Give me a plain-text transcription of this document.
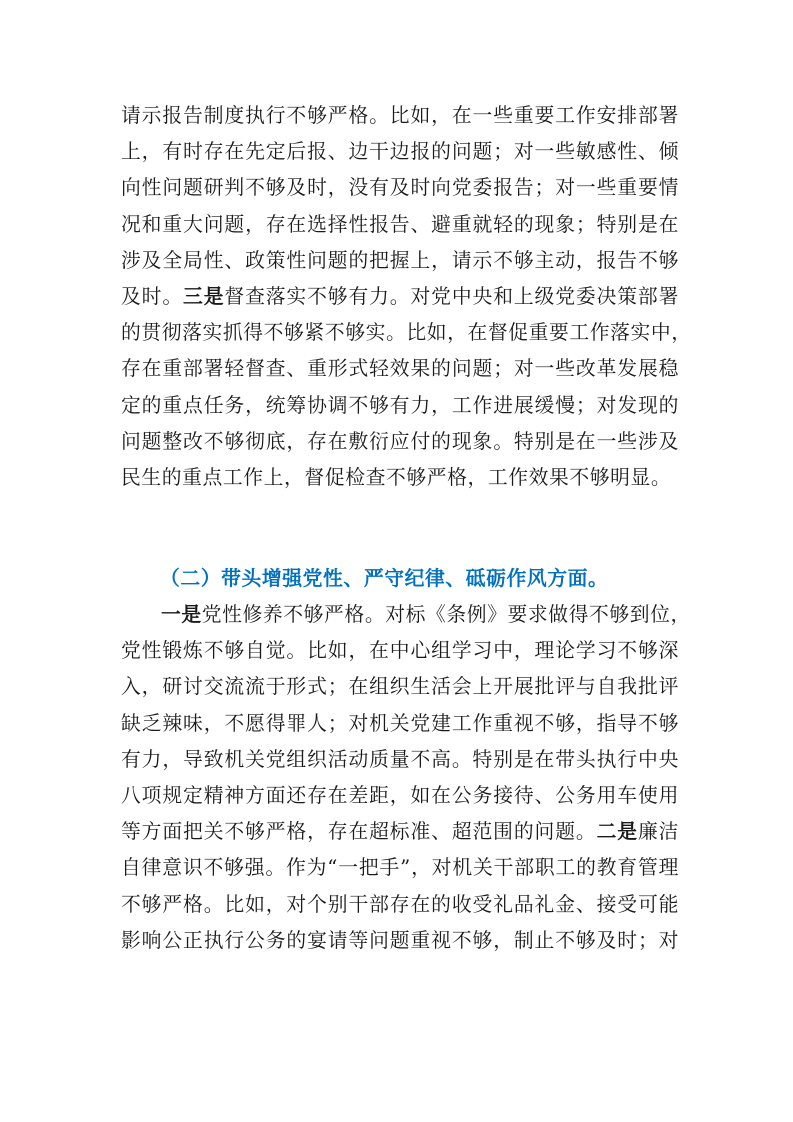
请示报告制度执行不够严格。比如，在一些重要工作安排部署
上，有时存在先定后报、边干边报的问题；对一些敏感性、倾
向性问题研判不够及时，没有及时向党委报告；对一些重要情
况和重大问题，存在选择性报告、避重就轻的现象；特别是在
涉及全局性、政策性问题的把握上，请示不够主动，报告不够
及时。三是督查落实不够有力。对党中央和上级党委决策部署
的贯彻落实抓得不够紧不够实。比如，在督促重要工作落实中，
存在重部署轻督查、重形式轻效果的问题；对一些改革发展稳
定的重点任务，统筹协调不够有力，工作进展缓慢；对发现的
问题整改不够彻底，存在敷衍应付的现象。特别是在一些涉及
民生的重点工作上，督促检查不够严格，工作效果不够明显。

（二）带头增强党性、严守纪律、砥砺作风方面。

一是党性修养不够严格。对标《条例》要求做得不够到位，
党性锻炼不够自觉。比如，在中心组学习中，理论学习不够深
入，研讨交流流于形式；在组织生活会上开展批评与自我批评
缺乏辣味，不愿得罪人；对机关党建工作重视不够，指导不够
有力，导致机关党组织活动质量不高。特别是在带头执行中央
八项规定精神方面还存在差距，如在公务接待、公务用车使用
等方面把关不够严格，存在超标准、超范围的问题。二是廉洁
自律意识不够强。作为“一把手”，对机关干部职工的教育管理
不够严格。比如，对个别干部存在的收受礼品礼金、接受可能
影响公正执行公务的宴请等问题重视不够，制止不够及时；对
